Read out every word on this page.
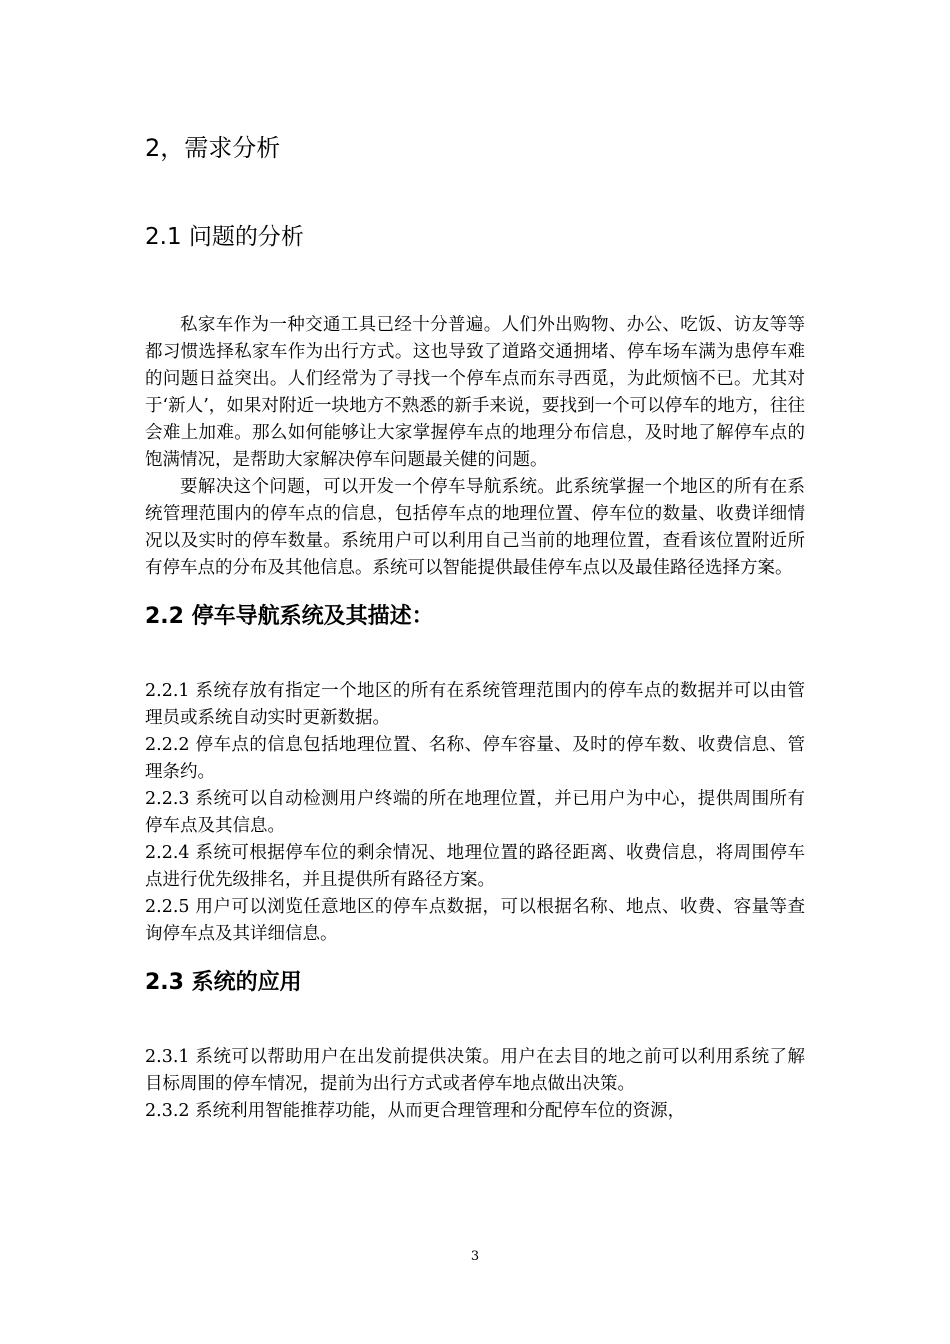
2，需求分析
2.1 问题的分析

私家车作为一种交通工具已经十分普遍。人们外出购物、办公、吃饭、访友等等都习惯选择私家车作为出行方式。这也导致了道路交通拥堵、停车场车满为患停车难的问题日益突出。人们经常为了寻找一个停车点而东寻西觅，为此烦恼不已。尤其对于‘新人’，如果对附近一块地方不熟悉的新手来说，要找到一个可以停车的地方，往往会难上加难。那么如何能够让大家掌握停车点的地理分布信息，及时地了解停车点的饱满情况，是帮助大家解决停车问题最关健的问题。

要解决这个问题，可以开发一个停车导航系统。此系统掌握一个地区的所有在系统管理范围内的停车点的信息，包括停车点的地理位置、停车位的数量、收费详细情况以及实时的停车数量。系统用户可以利用自己当前的地理位置，查看该位置附近所有停车点的分布及其他信息。系统可以智能提供最佳停车点以及最佳路径选择方案。

2.2 停车导航系统及其描述：

2.2.1 系统存放有指定一个地区的所有在系统管理范围内的停车点的数据并可以由管理员或系统自动实时更新数据。

2.2.2 停车点的信息包括地理位置、名称、停车容量、及时的停车数、收费信息、管理条约。

2.2.3 系统可以自动检测用户终端的所在地理位置，并已用户为中心，提供周围所有停车点及其信息。

2.2.4 系统可根据停车位的剩余情况、地理位置的路径距离、收费信息，将周围停车点进行优先级排名，并且提供所有路径方案。

2.2.5 用户可以浏览任意地区的停车点数据，可以根据名称、地点、收费、容量等查询停车点及其详细信息。

2.3 系统的应用

2.3.1 系统可以帮助用户在出发前提供决策。用户在去目的地之前可以利用系统了解目标周围的停车情况，提前为出行方式或者停车地点做出决策。

2.3.2 系统利用智能推荐功能，从而更合理管理和分配停车位的资源，

3
